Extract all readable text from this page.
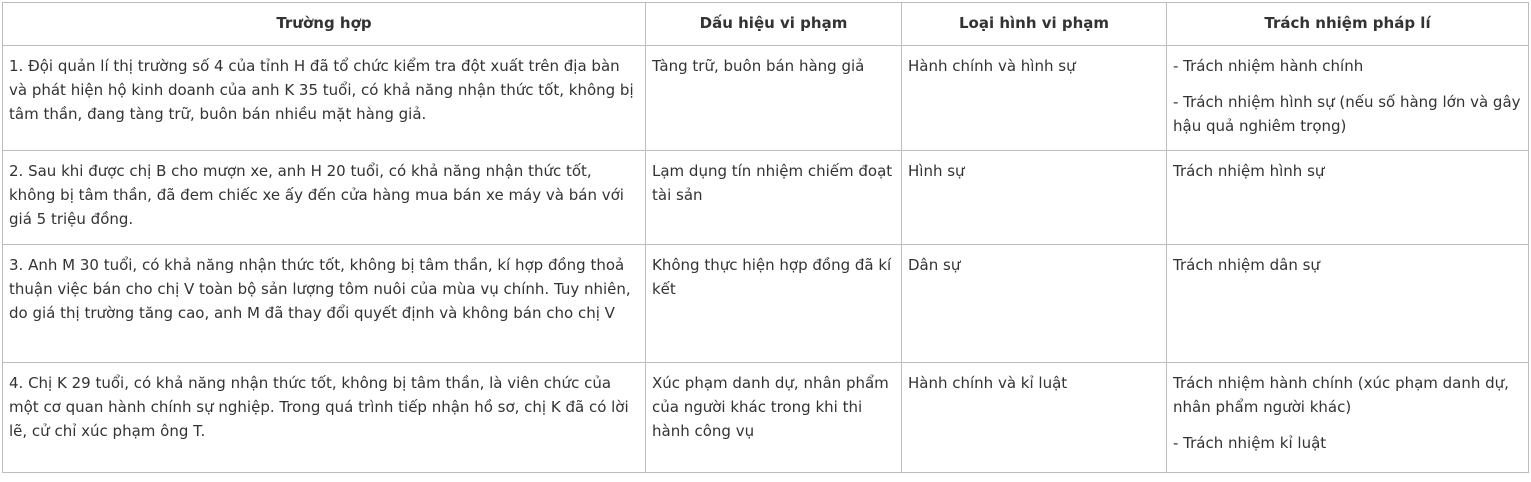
Trường hợp	Dấu hiệu vi phạm	Loại hình vi phạm	Trách nhiệm pháp lí

1. Đội quản lí thị trường số 4 của tỉnh H đã tổ chức kiểm tra đột xuất trên địa bàn và phát hiện hộ kinh doanh của anh K 35 tuổi, có khả năng nhận thức tốt, không bị tâm thần, đang tàng trữ, buôn bán nhiều mặt hàng giả.	Tàng trữ, buôn bán hàng giả	Hành chính và hình sự	- Trách nhiệm hành chính

- Trách nhiệm hình sự (nếu số hàng lớn và gây hậu quả nghiêm trọng)

2. Sau khi được chị B cho mượn xe, anh H 20 tuổi, có khả năng nhận thức tốt, không bị tâm thần, đã đem chiếc xe ấy đến cửa hàng mua bán xe máy và bán với giá 5 triệu đồng.	Lạm dụng tín nhiệm chiếm đoạt tài sản	Hình sự	Trách nhiệm hình sự

3. Anh M 30 tuổi, có khả năng nhận thức tốt, không bị tâm thần, kí hợp đồng thoả thuận việc bán cho chị V toàn bộ sản lượng tôm nuôi của mùa vụ chính. Tuy nhiên, do giá thị trường tăng cao, anh M đã thay đổi quyết định và không bán cho chị V	Không thực hiện hợp đồng đã kí kết	Dân sự	Trách nhiệm dân sự

4. Chị K 29 tuổi, có khả năng nhận thức tốt, không bị tâm thần, là viên chức của một cơ quan hành chính sự nghiệp. Trong quá trình tiếp nhận hồ sơ, chị K đã có lời lẽ, cử chỉ xúc phạm ông T.	Xúc phạm danh dự, nhân phẩm của người khác trong khi thi hành công vụ	Hành chính và kỉ luật	Trách nhiệm hành chính (xúc phạm danh dự, nhân phẩm người khác)

- Trách nhiệm kỉ luật
